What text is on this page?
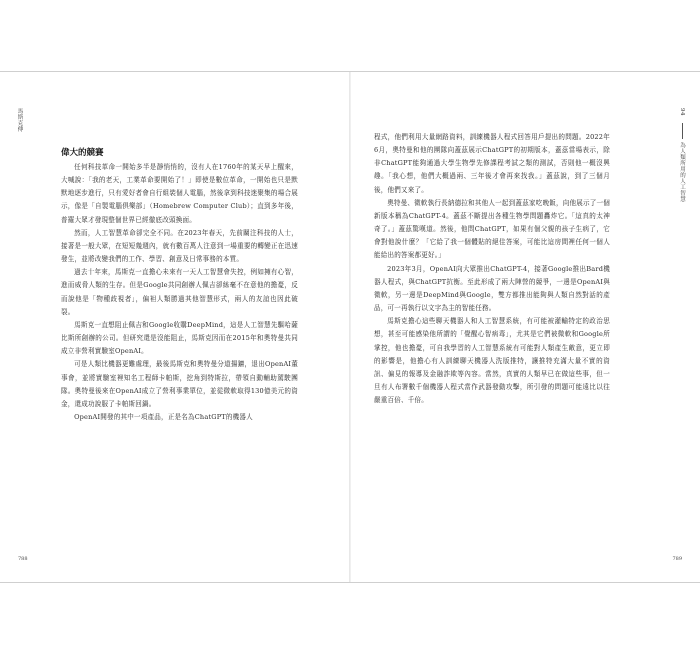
馬斯克傳
偉大的競賽

任何科技革命一開始多半是靜悄悄的，沒有人在1760年的某天早上醒來，大喊說：「我的老天，工業革命要開始了！」即使是數位革命，一開始也只是默默地逐步進行，只有愛好者會自行組裝個人電腦，然後拿到科技迷聚集的場合展示，像是「自製電腦俱樂部」（Homebrew Computer Club）；直到多年後，普羅大眾才發現整個世界已經徹底改頭換面。

然而，人工智慧革命卻完全不同。在2023年春天，先前關注科技的人士，接著是一般大眾，在短短幾週內，就有數百萬人注意到一場重要的轉變正在迅速發生，並將改變我們的工作、學習、創意及日常事務的本質。

過去十年來，馬斯克一直擔心未來有一天人工智慧會失控，例如擁有心智，進而威脅人類的生存。但是Google共同創辦人佩吉卻絲毫不在意他的擔憂，反而說他是「物種歧視者」，偏袒人類勝過其他智慧形式，兩人的友誼也因此破裂。

馬斯克一直想阻止佩吉和Google收購DeepMind，這是人工智慧先驅哈薩比斯所創辦的公司。但研究還是沒能阻止，馬斯克因而在2015年和奧特曼共同成立非營利實驗室OpenAI。

可是人類比機器更難處理，最後馬斯克和奧特曼分道揚鑣，退出OpenAI董事會，並將實驗室裡知名工程師卡帕斯，挖角到特斯拉，帶領自動輔助駕駛團隊。奧特曼後來在OpenAI成立了營利事業單位，並從微軟取得130億美元的資金，還成功說服了卡帕斯回鍋。

OpenAI開發的其中一項產品，正是名為ChatGPT的機器人

788
94為人類所用的人工智慧

程式，他們利用大量網路資料，訓練機器人程式回答用戶提出的問題。2022年6月，奧特曼和他的團隊向蓋茲展示ChatGPT的初期版本，蓋茲當場表示，除非ChatGPT能夠通過大學生物學先修課程考試之類的測試，否則他一概沒興趣。「我心想，他們大概過兩、三年後才會再來找我。」蓋茲說，到了三個月後，他們又來了。

奧特曼、微軟執行長納德拉和其他人一起到蓋茲家吃晚飯，向他展示了一個新版本稱為ChatGPT-4。蓋茲不斷提出各種生物學問題轟炸它。「這真的太神奇了。」蓋茲驚嘆道。然後，他問ChatGPT，如果有個父親的孩子生病了，它會對他說什麼？「它給了我一個體貼的絕佳答案，可能比這房間裡任何一個人能給出的答案都更好。」

2023年3月，OpenAI向大眾推出ChatGPT-4，接著Google推出Bard機器人程式，與ChatGPT抗衡。至此形成了兩大陣營的競爭，一邊是OpenAI與微軟，另一邊是DeepMind與Google，雙方都推出能夠與人類自然對話的產品，可一再執行以文字為主的智能任務。

馬斯克擔心這些聊天機器人和人工智慧系統，有可能被灌輸特定的政治思想，甚至可能感染他所謂的「覺醒心智病毒」，尤其是它們被微軟和Google所掌控，他也擔憂，可自我學習的人工智慧系統有可能對人類產生敵意，更立即的影響是，他擔心有人訓練聊天機器人洗版推特，讓推特充滿大量不實的資訊、偏見的報導及金融詐欺等內容。當然，真實的人類早已在做這些事，但一旦有人布署數千個機器人程式當作武器發動攻擊，所引發的問題可能遠比以往嚴重百倍、千倍。

789
